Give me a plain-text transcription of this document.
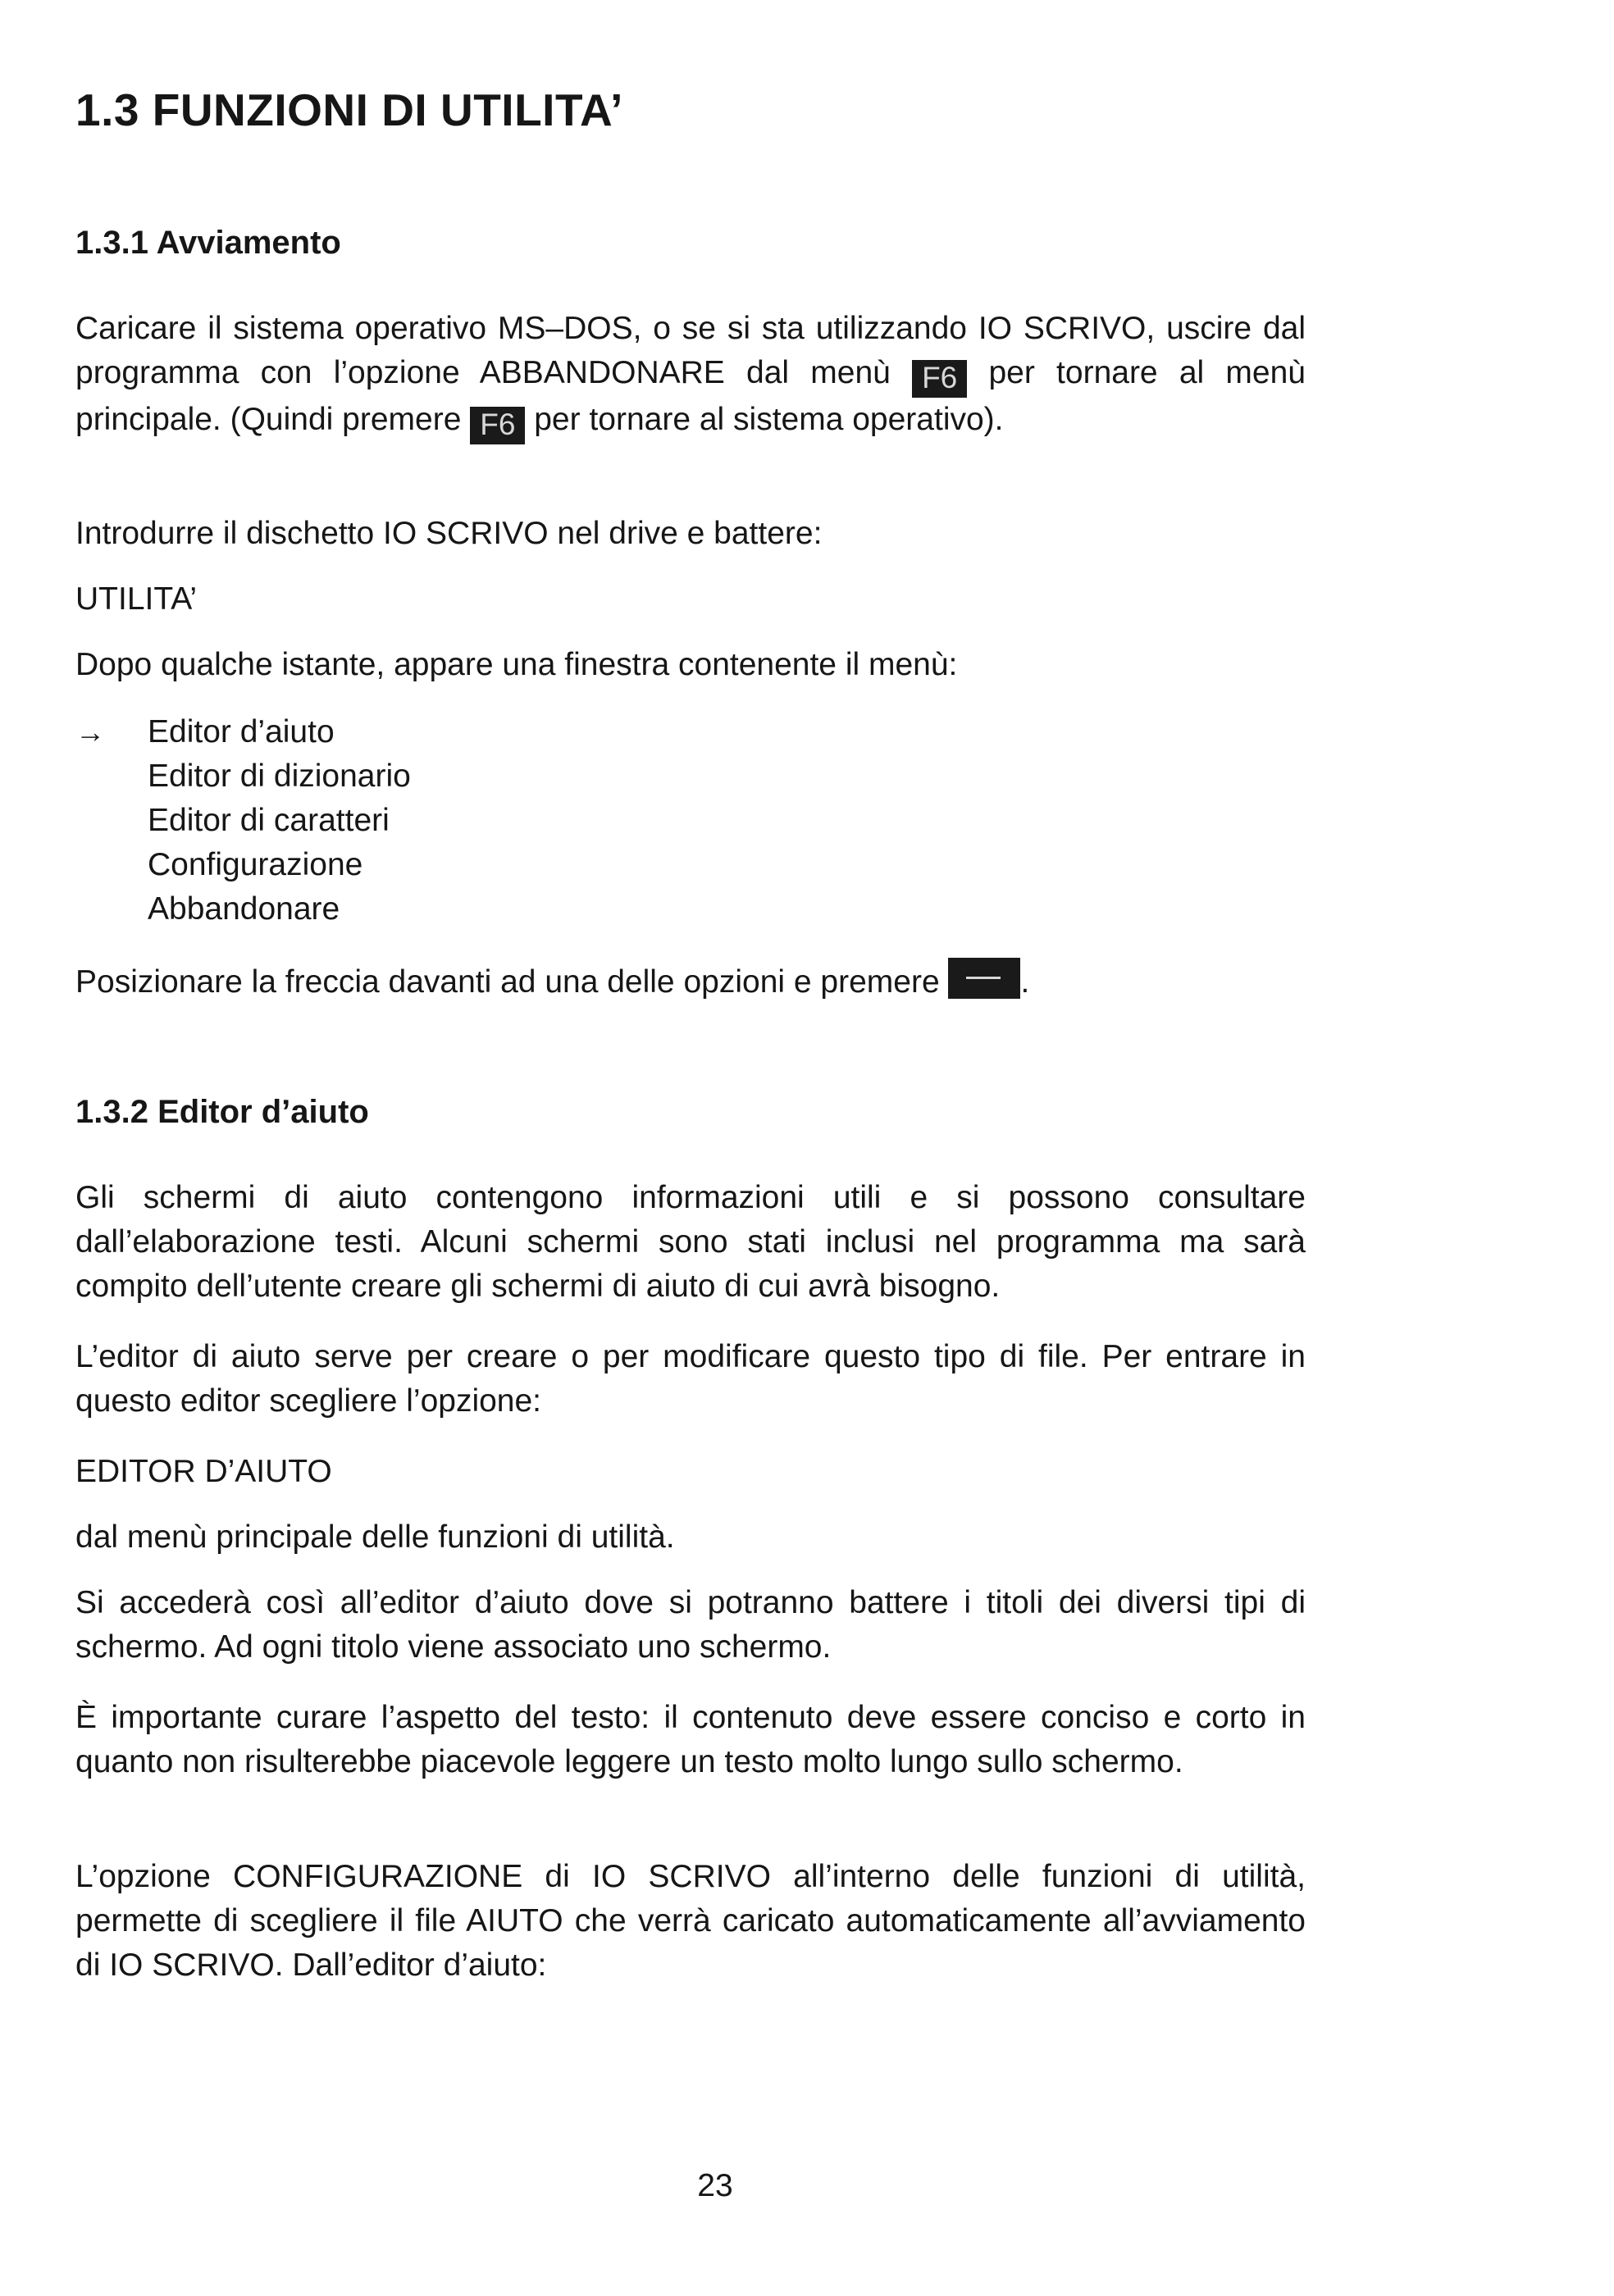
1.3 FUNZIONI DI UTILITA’
1.3.1 Avviamento

Caricare il sistema operativo MS–DOS, o se si sta utilizzando IO SCRIVO, uscire dal programma con l’opzione ABBANDONARE dal menù F6 per tornare al menù principale. (Quindi premere F6 per tornare al sistema operativo).

Introdurre il dischetto IO SCRIVO nel drive e battere:
UTILITA’
Dopo qualche istante, appare una finestra contenente il menù:
→ Editor d’aiuto
Editor di dizionario
Editor di caratteri
Configurazione
Abbandonare
Posizionare la freccia davanti ad una delle opzioni e premere .
1.3.2 Editor d’aiuto

Gli schermi di aiuto contengono informazioni utili e si possono consultare dall’elaborazione testi. Alcuni schermi sono stati inclusi nel programma ma sarà compito dell’utente creare gli schermi di aiuto di cui avrà bisogno.

L’editor di aiuto serve per creare o per modificare questo tipo di file. Per entrare in questo editor scegliere l’opzione:

EDITOR D’AIUTO
dal menù principale delle funzioni di utilità.

Si accederà così all’editor d’aiuto dove si potranno battere i titoli dei diversi tipi di schermo. Ad ogni titolo viene associato uno schermo.

È importante curare l’aspetto del testo: il contenuto deve essere conciso e corto in quanto non risulterebbe piacevole leggere un testo molto lungo sullo schermo.

L’opzione CONFIGURAZIONE di IO SCRIVO all’interno delle funzioni di utilità, permette di scegliere il file AIUTO che verrà caricato automaticamente all’avviamento di IO SCRIVO. Dall’editor d’aiuto:

23
